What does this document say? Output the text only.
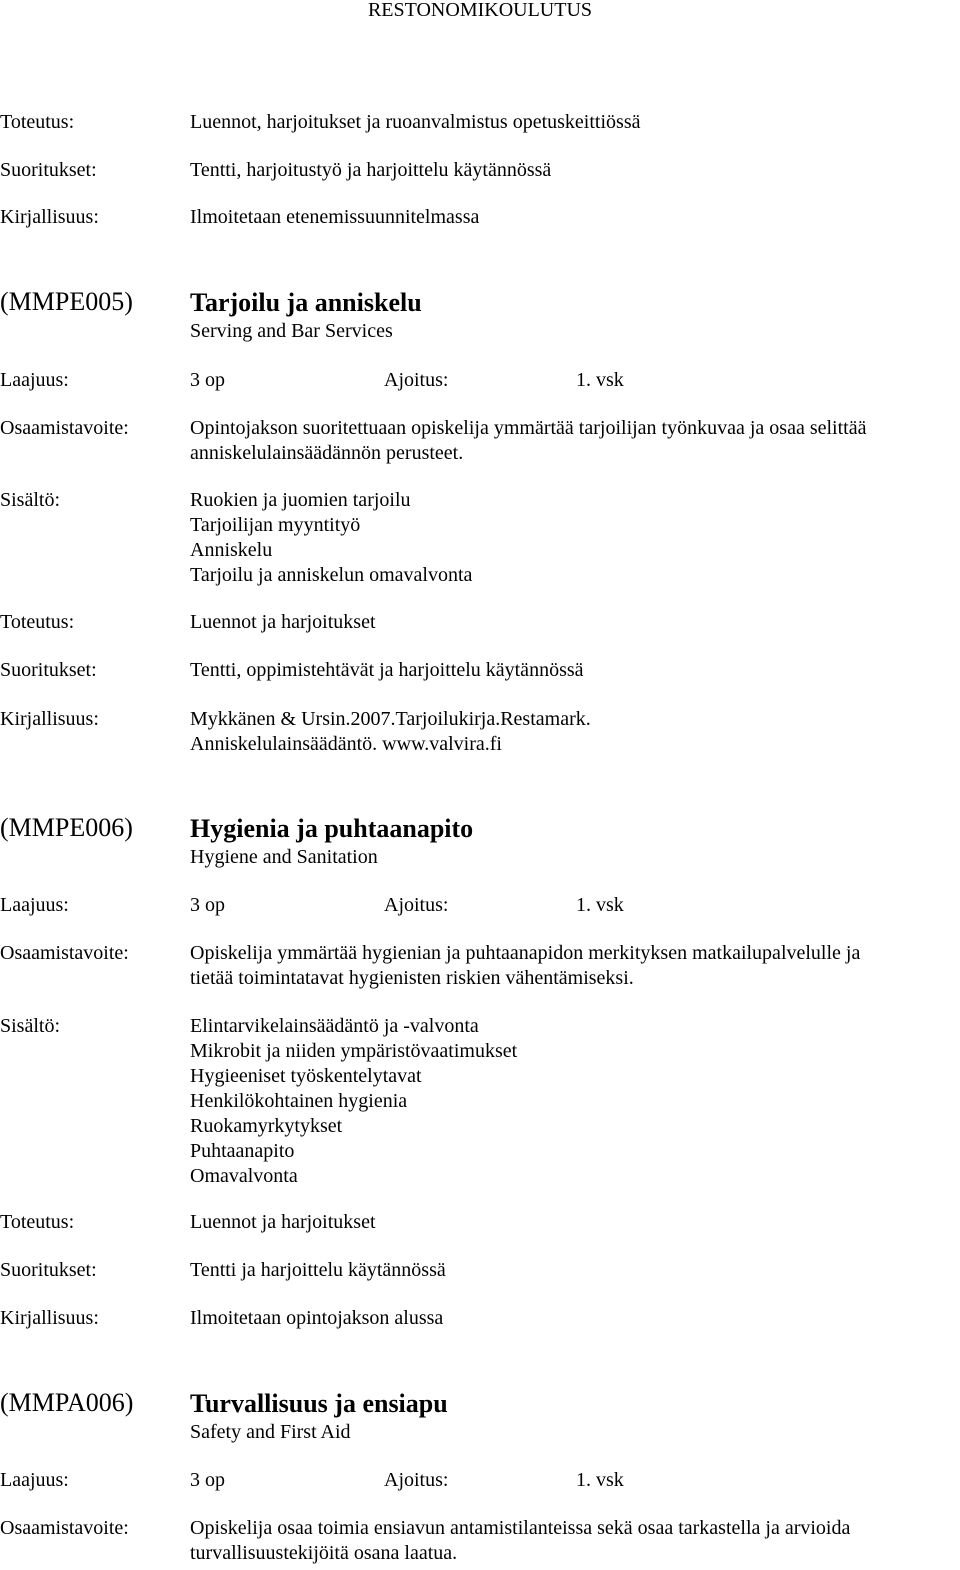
RESTONOMIKOULUTUS
Toteutus:	Luennot, harjoitukset ja ruoanvalmistus opetuskeittiössä
Suoritukset:	Tentti, harjoitustyö ja harjoittelu käytännössä
Kirjallisuus:	Ilmoitetaan etenemissuunnitelmassa
(MMPE005) Tarjoilu ja anniskelu
Serving and Bar Services
Laajuus:	3 op	Ajoitus:	1. vsk
Osaamistavoite:	Opintojakson suoritettuaan opiskelija ymmärtää tarjoilijan työnkuvaa ja osaa selittää
anniskelulainsäädännön perusteet.
Sisältö:	Ruokien ja juomien tarjoilu
Tarjoilijan myyntityö
Anniskelu
Tarjoilu ja anniskelun omavalvonta
Toteutus:	Luennot ja harjoitukset
Suoritukset:	Tentti, oppimistehtävät ja harjoittelu käytännössä
Kirjallisuus:	Mykkänen & Ursin.2007.Tarjoilukirja.Restamark.
Anniskelulainsäädäntö. www.valvira.fi
(MMPE006) Hygienia ja puhtaanapito
Hygiene and Sanitation
Laajuus:	3 op	Ajoitus:	1. vsk
Osaamistavoite:	Opiskelija ymmärtää hygienian ja puhtaanapidon merkityksen matkailupalvelulle ja
tietää toimintatavat hygienisten riskien vähentämiseksi.
Sisältö:	Elintarvikelainsäädäntö ja -valvonta
Mikrobit ja niiden ympäristövaatimukset
Hygieeniset työskentelytavat
Henkilökohtainen hygienia
Ruokamyrkytykset
Puhtaanapito
Omavalvonta
Toteutus:	Luennot ja harjoitukset
Suoritukset:	Tentti ja harjoittelu käytännössä
Kirjallisuus:	Ilmoitetaan opintojakson alussa
(MMPA006) Turvallisuus ja ensiapu
Safety and First Aid
Laajuus:	3 op	Ajoitus:	1. vsk
Osaamistavoite:	Opiskelija osaa toimia ensiavun antamistilanteissa sekä osaa tarkastella ja arvioida
turvallisuustekijöitä osana laatua.
